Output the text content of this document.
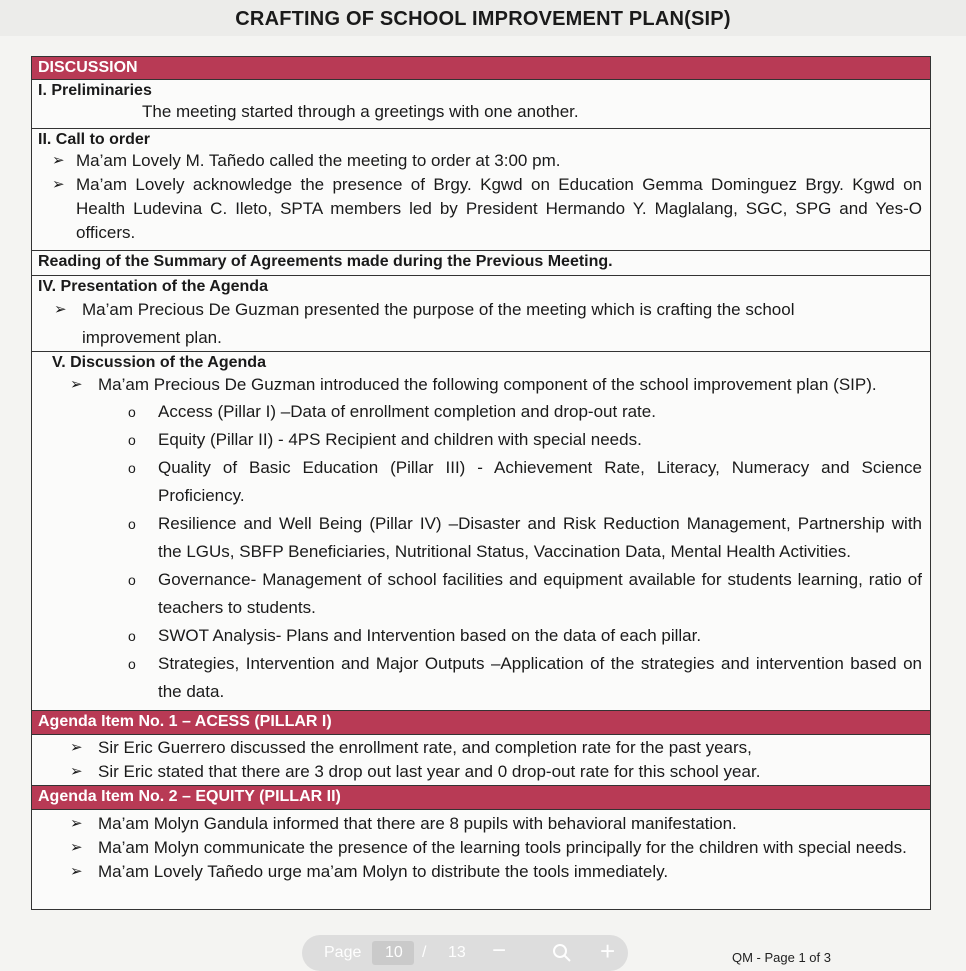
CRAFTING OF SCHOOL IMPROVEMENT PLAN(SIP)
DISCUSSION
I. Preliminaries
The meeting started through a greetings with one another.
II. Call to order
➢ Ma’am Lovely M. Tañedo called the meeting to order at 3:00 pm.
➢ Ma’am Lovely acknowledge the presence of Brgy. Kgwd on Education Gemma Dominguez Brgy. Kgwd on Health Ludevina C. Ileto, SPTA members led by President Hermando Y. Maglalang, SGC, SPG and Yes-O officers.
Reading of the Summary of Agreements made during the Previous Meeting.
IV. Presentation of the Agenda
➢ Ma’am Precious De Guzman presented the purpose of the meeting which is crafting the school improvement plan.
V. Discussion of the Agenda
➢ Ma’am Precious De Guzman introduced the following component of the school improvement plan (SIP).
o Access (Pillar I) –Data of enrollment completion and drop-out rate.
o Equity (Pillar II) - 4PS Recipient and children with special needs.
o Quality of Basic Education (Pillar III) - Achievement Rate, Literacy, Numeracy and Science Proficiency.
o Resilience and Well Being (Pillar IV) –Disaster and Risk Reduction Management, Partnership with the LGUs, SBFP Beneficiaries, Nutritional Status, Vaccination Data, Mental Health Activities.
o Governance- Management of school facilities and equipment available for students learning, ratio of teachers to students.
o SWOT Analysis- Plans and Intervention based on the data of each pillar.
o Strategies, Intervention and Major Outputs –Application of the strategies and intervention based on the data.
Agenda Item No. 1 – ACESS (PILLAR I)
➢ Sir Eric Guerrero discussed the enrollment rate, and completion rate for the past years,
➢ Sir Eric stated that there are 3 drop out last year and 0 drop-out rate for this school year.
Agenda Item No. 2 – EQUITY (PILLAR II)
➢ Ma’am Molyn Gandula informed that there are 8 pupils with behavioral manifestation.
➢ Ma’am Molyn communicate the presence of the learning tools principally for the children with special needs.
➢ Ma’am Lovely Tañedo urge ma’am Molyn to distribute the tools immediately.
Page 10 / 13 −	+	QM - Page 1 of 3
